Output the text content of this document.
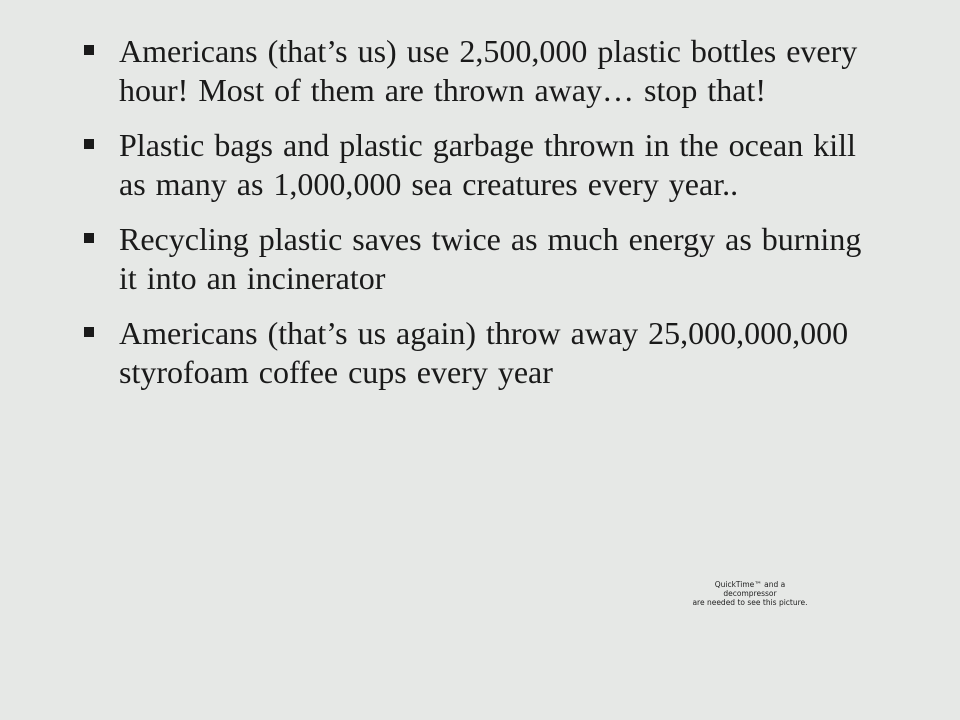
Americans (that’s us) use 2,500,000 plastic bottles every hour! Most of them are thrown away… stop that!
Plastic bags and plastic garbage thrown in the ocean kill as many as 1,000,000 sea creatures every year..
Recycling plastic saves twice as much energy as burning it into an incinerator
Americans (that’s us again) throw away 25,000,000,000 styrofoam coffee cups every year
QuickTime™ and a
decompressor
are needed to see this picture.
